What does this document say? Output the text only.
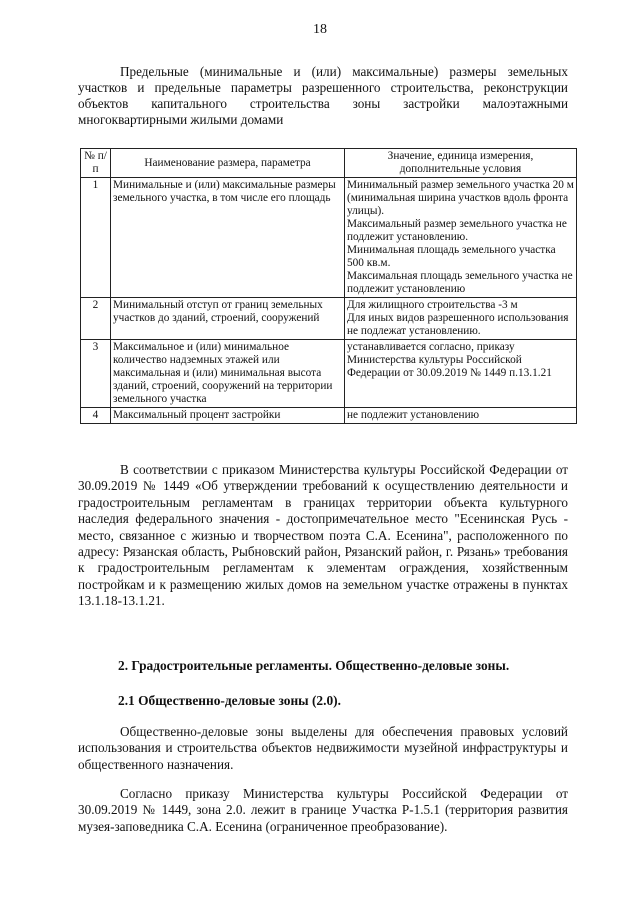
18

Предельные (минимальные и (или) максимальные) размеры земельных участков и предельные параметры разрешенного строительства, реконструкции объектов капитального строительства зоны застройки малоэтажными многоквартирными жилыми домами

№ п/п	Наименование размера, параметра	Значение, единица измерения, дополнительные условия
1	Минимальные и (или) максимальные размеры земельного участка, в том числе его площадь	Минимальный размер земельного участка 20 м (минимальная ширина участков вдоль фронта улицы).
Максимальный размер земельного участка не подлежит установлению.
Минимальная площадь земельного участка 500 кв.м.
Максимальная площадь земельного участка не подлежит установлению

2	Минимальный отступ от границ земельных участков до зданий, строений, сооружений	Для жилищного строительства -3 м
Для иных видов разрешенного использования не подлежат установлению.

3	Максимальное и (или) минимальное количество надземных этажей или максимальная и (или) минимальная высота зданий, строений, сооружений на территории земельного участка	устанавливается согласно, приказу Министерства культуры Российской Федерации от 30.09.2019 № 1449 п.13.1.21

4	Максимальный процент застройки	не подлежит установлению

В соответствии с приказом Министерства культуры Российской Федерации от 30.09.2019 № 1449 «Об утверждении требований к осуществлению деятельности и градостроительным регламентам в границах территории объекта культурного наследия федерального значения - достопримечательное место "Есенинская Русь - место, связанное с жизнью и творчеством поэта С.А. Есенина", расположенного по адресу: Рязанская область, Рыбновский район, Рязанский район, г. Рязань» требования к градостроительным регламентам к элементам ограждения, хозяйственным постройкам и к размещению жилых домов на земельном участке отражены в пунктах 13.1.18-13.1.21.

2. Градостроительные регламенты. Общественно-деловые зоны.
2.1 Общественно-деловые зоны (2.0).

Общественно-деловые зоны выделены для обеспечения правовых условий использования и строительства объектов недвижимости музейной инфраструктуры и общественного назначения.

Согласно приказу Министерства культуры Российской Федерации от 30.09.2019 № 1449, зона 2.0. лежит в границе Участка Р-1.5.1 (территория развития музея-заповедника С.А. Есенина (ограниченное преобразование).
